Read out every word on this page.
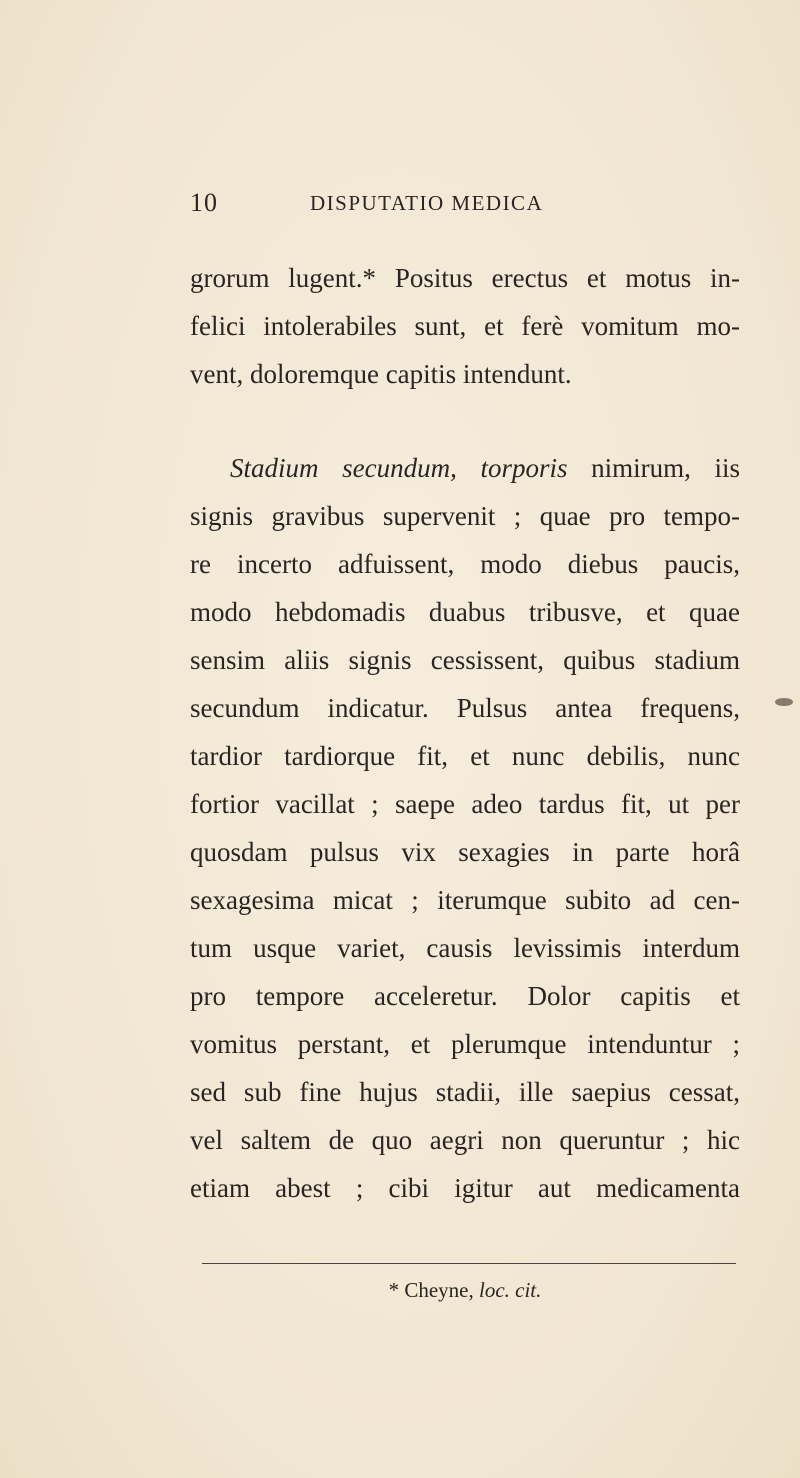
10	DISPUTATIO MEDICA
grorum lugent.* Positus erectus et motus in-
felici intolerabiles sunt, et ferè vomitum mo-
vent, doloremque capitis intendunt.
Stadium secundum, torporis nimirum, iis
signis gravibus supervenit ; quae pro tempo-
re incerto adfuissent, modo diebus paucis,
modo hebdomadis duabus tribusve, et quae
sensim aliis signis cessissent, quibus stadium
secundum indicatur. Pulsus antea frequens,
tardior tardiorque fit, et nunc debilis, nunc
fortior vacillat ; saepe adeo tardus fit, ut per
quosdam pulsus vix sexagies in parte horâ
sexagesima micat ; iterumque subito ad cen-
tum usque variet, causis levissimis interdum
pro tempore acceleretur. Dolor capitis et
vomitus perstant, et plerumque intenduntur ;
sed sub fine hujus stadii, ille saepius cessat,
vel saltem de quo aegri non queruntur ; hic
etiam abest ; cibi igitur aut medicamenta
* Cheyne, loc. cit.
